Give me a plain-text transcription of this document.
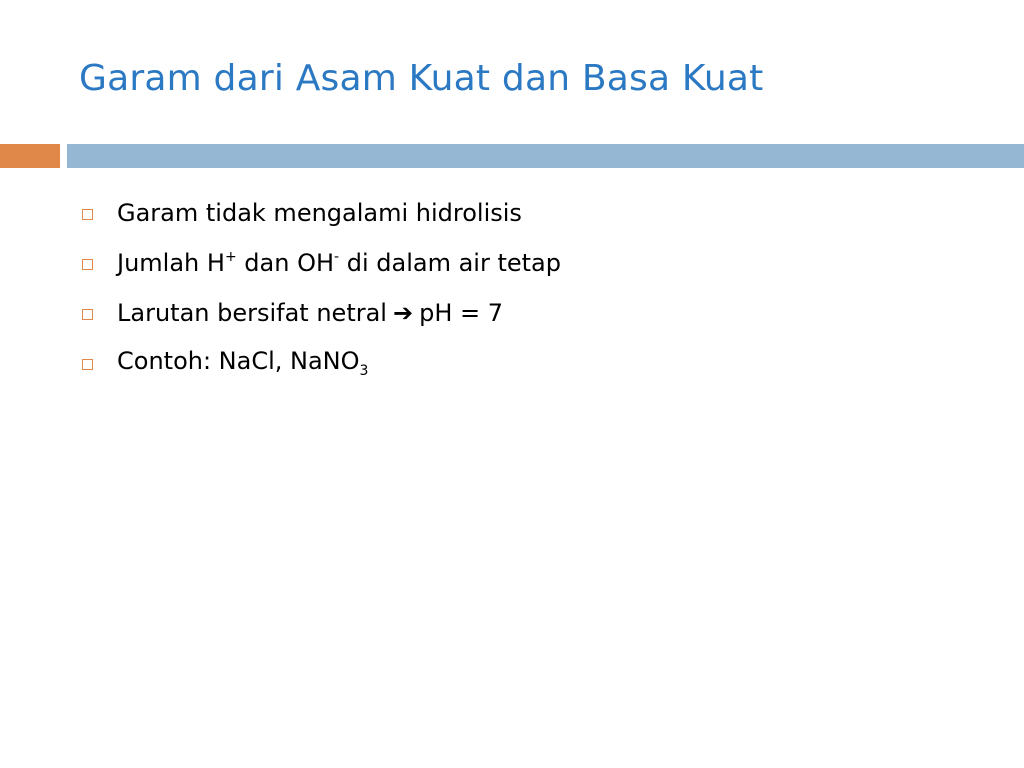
Garam dari Asam Kuat dan Basa Kuat
Garam tidak mengalami hidrolisis
Jumlah H+ dan OH- di dalam air tetap
Larutan bersifat netral ➔ pH = 7
Contoh: NaCl, NaNO$_3$
